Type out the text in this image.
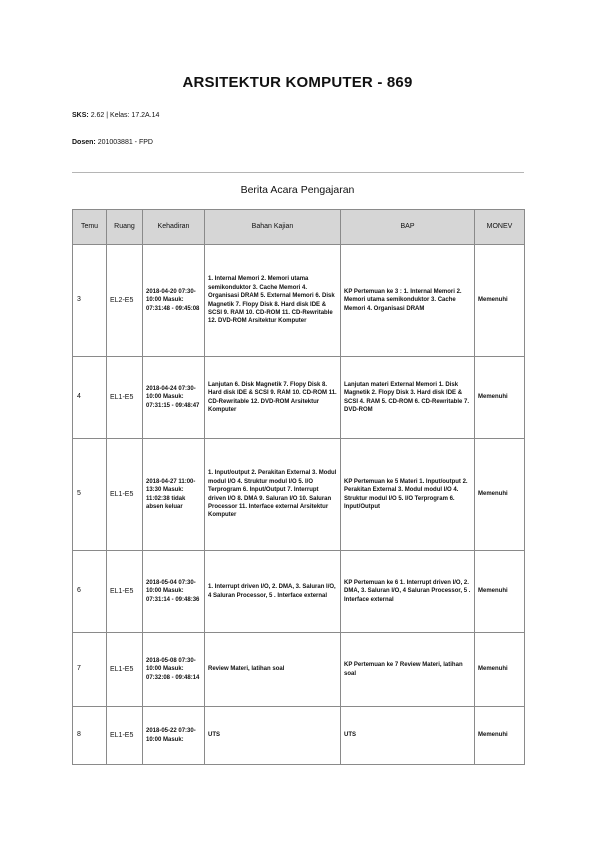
ARSITEKTUR KOMPUTER - 869
SKS: 2.62 | Kelas: 17.2A.14
Dosen: 201003881 - FPD
Berita Acara Pengajaran
Temu	Ruang	Kehadiran	Bahan Kajian	BAP	MONEV
3	EL2-E5	2018-04-20 07:30-10:00 Masuk: 07:31:48 - 09:45:08	1. Internal Memori 2. Memori utama semikonduktor 3. Cache Memori 4. Organisasi DRAM 5. External Memori 6. Disk Magnetik 7. Flopy Disk 8. Hard disk IDE & SCSI 9. RAM 10. CD-ROM 11. CD-Rewritable 12. DVD-ROM Arsitektur Komputer	KP Pertemuan ke 3 : 1. Internal Memori 2. Memori utama semikonduktor 3. Cache Memori 4. Organisasi DRAM	Memenuhi
4	EL1-E5	2018-04-24 07:30-10:00 Masuk: 07:31:15 - 09:48:47	Lanjutan 6. Disk Magnetik 7. Flopy Disk 8. Hard disk IDE & SCSI 9. RAM 10. CD-ROM 11. CD-Rewritable 12. DVD-ROM Arsitektur Komputer	Lanjutan materi External Memori 1. Disk Magnetik 2. Flopy Disk 3. Hard disk IDE & SCSI 4. RAM 5. CD-ROM 6. CD-Rewritable 7. DVD-ROM	Memenuhi
5	EL1-E5	2018-04-27 11:00-13:30 Masuk: 11:02:38 tidak absen keluar	1. Input/output 2. Perakitan External 3. Modul modul I/O 4. Struktur modul I/O 5. I/O Terprogram 6. Input/Output 7. Interrupt driven I/O 8. DMA 9. Saluran I/O 10. Saluran Processor 11. Interface external Arsitektur Komputer	KP Pertemuan ke 5 Materi 1. Input/output 2. Perakitan External 3. Modul modul I/O 4. Struktur modul I/O 5. I/O Terprogram 6. Input/Output	Memenuhi
6	EL1-E5	2018-05-04 07:30-10:00 Masuk: 07:31:14 - 09:48:36	1. Interrupt driven I/O, 2. DMA, 3. Saluran I/O, 4 Saluran Processor, 5 . Interface external	KP Pertemuan ke 6 1. Interrupt driven I/O, 2. DMA, 3. Saluran I/O, 4 Saluran Processor, 5 . Interface external	Memenuhi
7	EL1-E5	2018-05-08 07:30-10:00 Masuk: 07:32:08 - 09:48:14	Review Materi, latihan soal	KP Pertemuan ke 7 Review Materi, latihan soal	Memenuhi
8	EL1-E5	2018-05-22 07:30-10:00 Masuk:	UTS	UTS	Memenuhi
